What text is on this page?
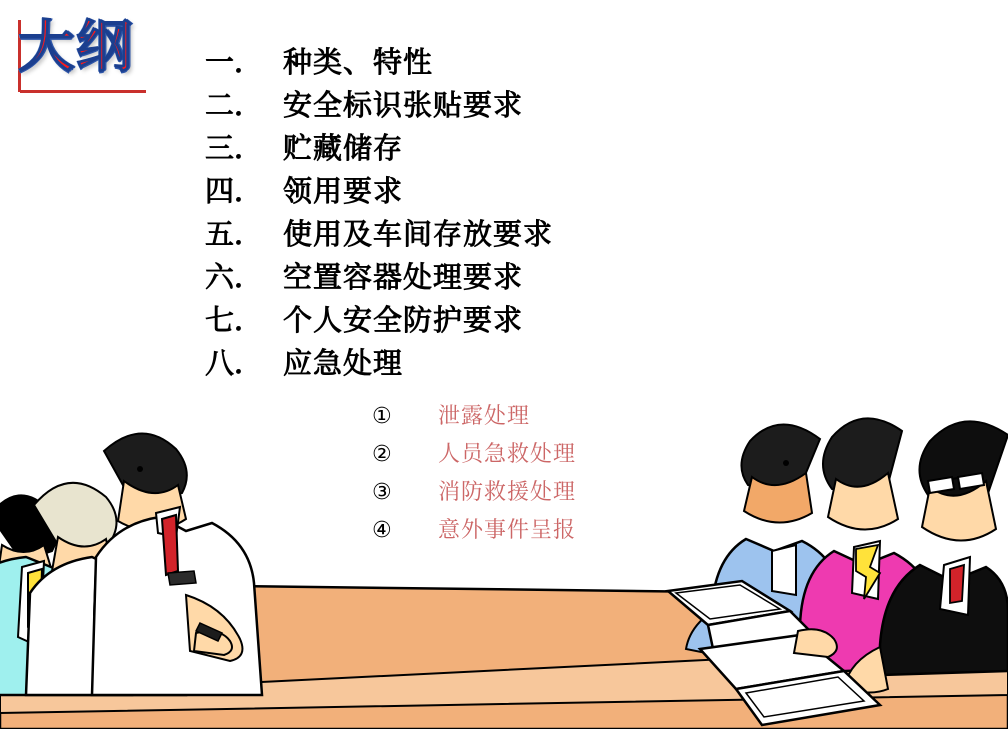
大纲 一． 种类、特性
二． 安全标识张贴要求
三． 贮藏储存
四． 领用要求
五． 使用及车间存放要求
六． 空置容器处理要求
七． 个人安全防护要求
八． 应急处理
①	泄露处理
②	人员急救处理
③	消防救援处理
④	意外事件呈报
